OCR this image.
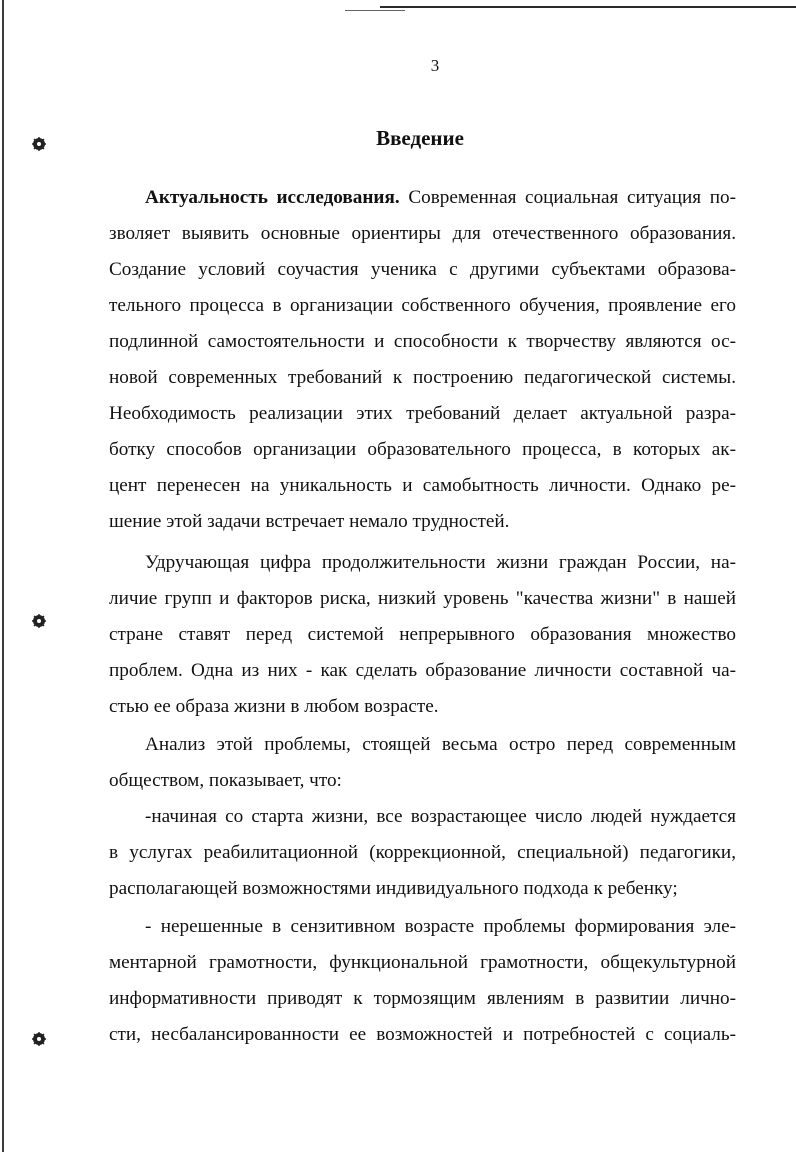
3
Введение
Актуальность исследования. Современная социальная ситуация по-
зволяет выявить основные ориентиры для отечественного образования.
Создание условий соучастия ученика с другими субъектами образова-
тельного процесса в организации собственного обучения, проявление его
подлинной самостоятельности и способности к творчеству являются ос-
новой современных требований к построению педагогической системы.
Необходимость реализации этих требований делает актуальной разра-
ботку способов организации образовательного процесса, в которых ак-
цент перенесен на уникальность и самобытность личности. Однако ре-
шение этой задачи встречает немало трудностей.
Удручающая цифра продолжительности жизни граждан России, на-
личие групп и факторов риска, низкий уровень "качества жизни" в нашей
стране ставят перед системой непрерывного образования множество
проблем. Одна из них - как сделать образование личности составной ча-
стью ее образа жизни в любом возрасте.
Анализ этой проблемы, стоящей весьма остро перед современным
обществом, показывает, что:
-начиная со старта жизни, все возрастающее число людей нуждается
в услугах реабилитационной (коррекционной, специальной) педагогики,
располагающей возможностями индивидуального подхода к ребенку;
- нерешенные в сензитивном возрасте проблемы формирования эле-
ментарной грамотности, функциональной грамотности, общекультурной
информативности приводят к тормозящим явлениям в развитии лично-
сти, несбалансированности ее возможностей и потребностей с социаль-
